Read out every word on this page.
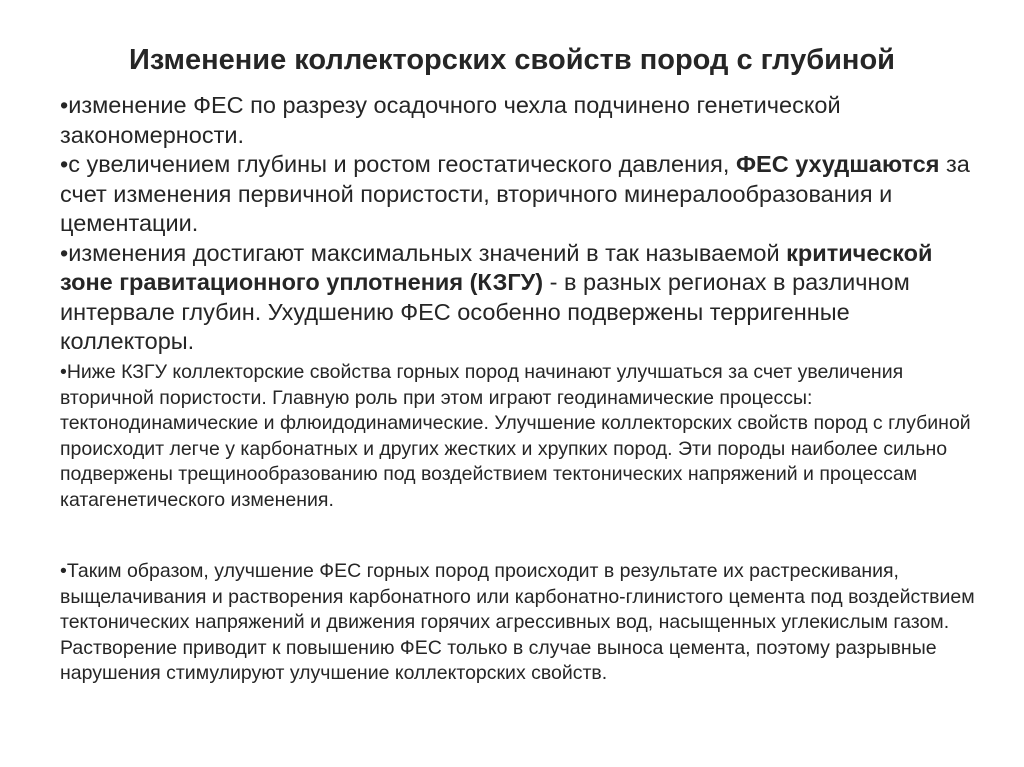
Изменение коллекторских свойств пород с глубиной

•изменение ФЕС по разрезу осадочного чехла подчинено генетической закономерности.

•с увеличением глубины и ростом геостатического давления, ФЕС ухудшаются за счет изменения первичной пористости, вторичного минералообразования и цементации.

•изменения достигают максимальных значений в так называемой критической зоне гравитационного уплотнения (КЗГУ) - в разных регионах в различном интервале глубин. Ухудшению ФЕС особенно подвержены терригенные коллекторы.

•Ниже КЗГУ коллекторские свойства горных пород начинают улучшаться за счет увеличения вторичной пористости. Главную роль при этом играют геодинамические процессы: тектонодинамические и флюидодинамические. Улучшение коллекторских свойств пород с глубиной происходит легче у карбонатных и других жестких и хрупких пород. Эти породы наиболее сильно подвержены трещинообразованию под воздействием тектонических напряжений и процессам катагенетического изменения.

•Таким образом, улучшение ФЕС горных пород происходит в результате их растрескивания, выщелачивания и растворения карбонатного или карбонатно-глинистого цемента под воздействием тектонических напряжений и движения горячих агрессивных вод, насыщенных углекислым газом. Растворение приводит к повышению ФЕС только в случае выноса цемента, поэтому разрывные нарушения стимулируют улучшение коллекторских свойств.
